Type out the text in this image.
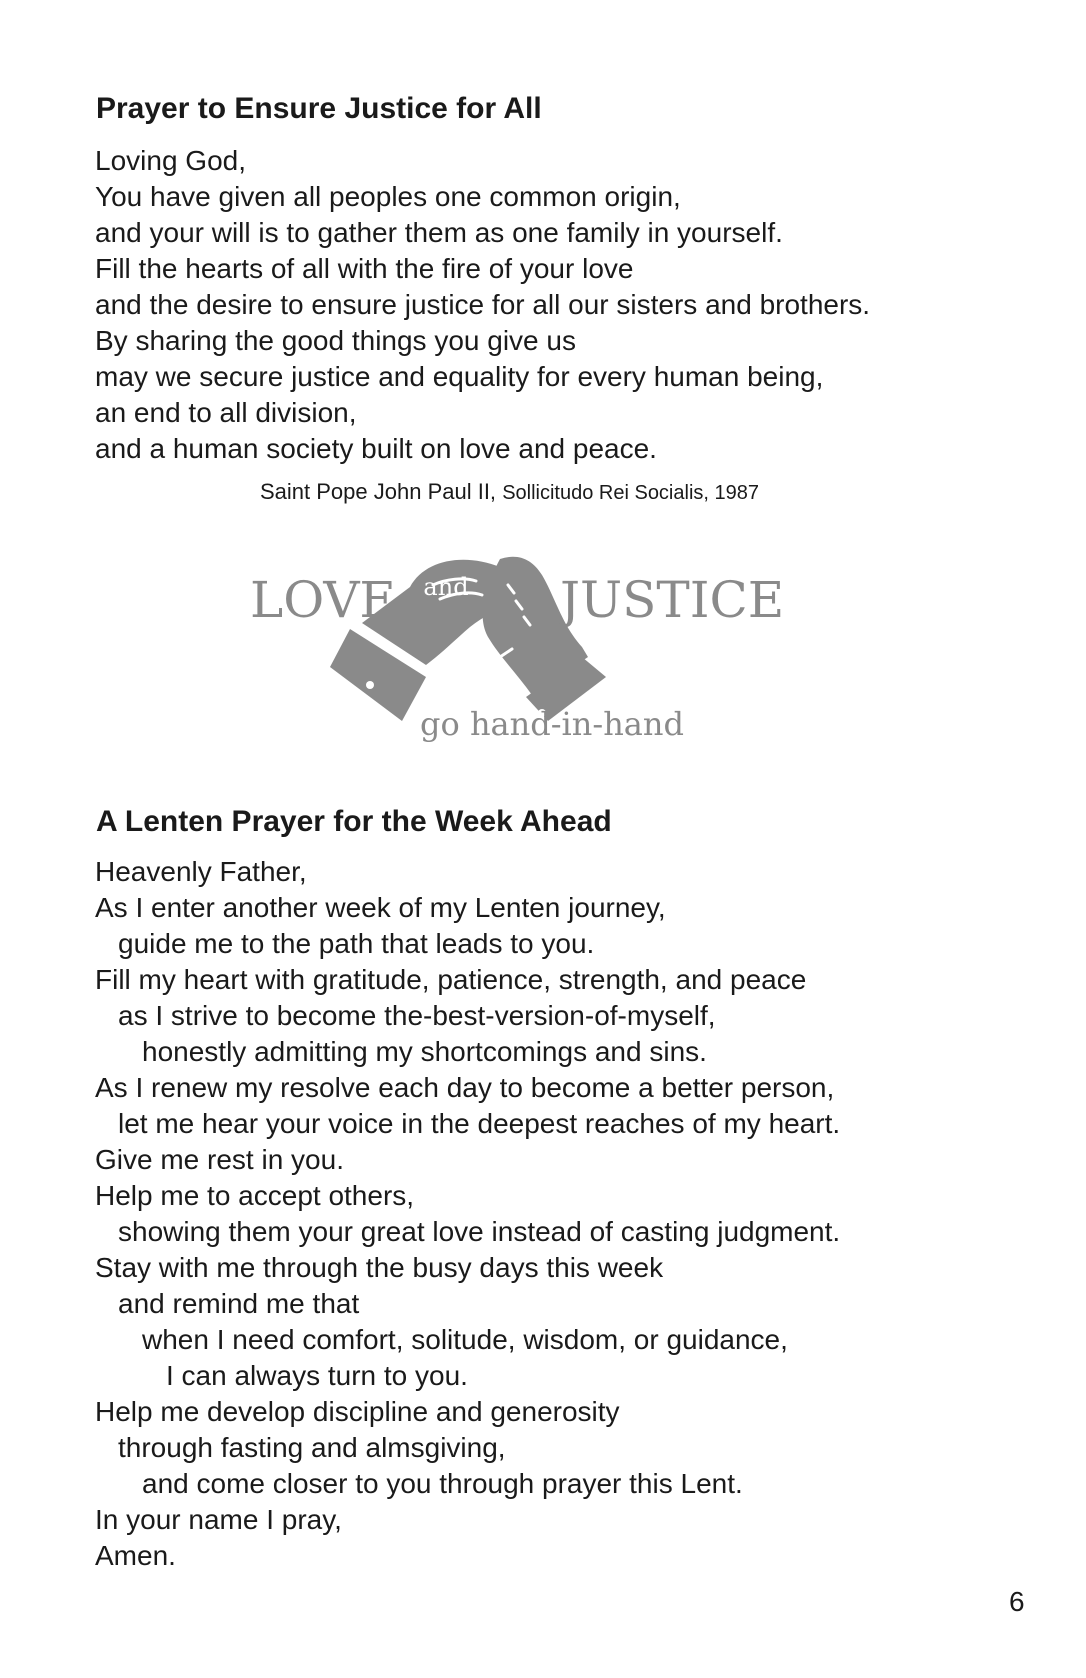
Prayer to Ensure Justice for All
Loving God,
You have given all peoples one common origin,
and your will is to gather them as one family in yourself.
Fill the hearts of all with the fire of your love
and the desire to ensure justice for all our sisters and brothers.
By sharing the good things you give us
may we secure justice and equality for every human being,
an end to all division,
and a human society built on love and peace.
Saint Pope John Paul II, Sollicitudo Rei Socialis, 1987
LOVE and JUSTICE
go hand-in-hand
A Lenten Prayer for the Week Ahead
Heavenly Father,
As I enter another week of my Lenten journey,
guide me to the path that leads to you.
Fill my heart with gratitude, patience, strength, and peace
as I strive to become the-best-version-of-myself,
honestly admitting my shortcomings and sins.
As I renew my resolve each day to become a better person,
let me hear your voice in the deepest reaches of my heart.
Give me rest in you.
Help me to accept others,
showing them your great love instead of casting judgment.
Stay with me through the busy days this week
and remind me that
when I need comfort, solitude, wisdom, or guidance,
I can always turn to you.
Help me develop discipline and generosity
through fasting and almsgiving,
and come closer to you through prayer this Lent.
In your name I pray,
Amen.
6
